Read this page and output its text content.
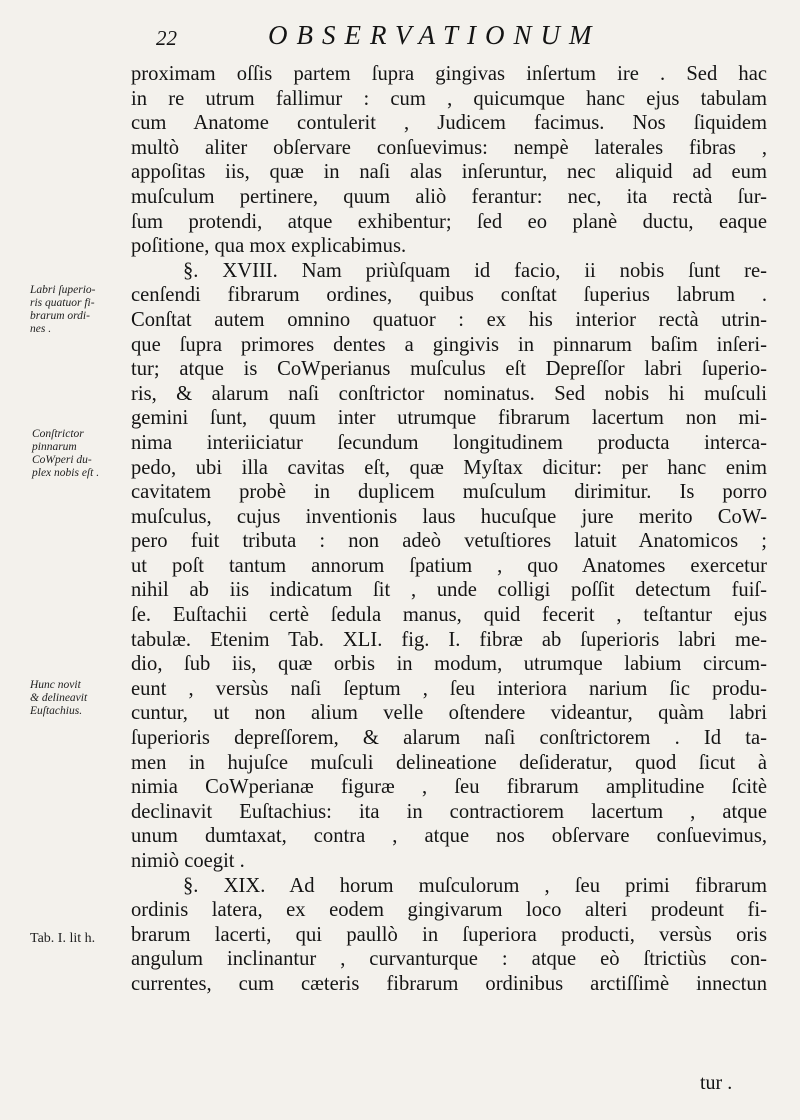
22	OBSERVATIONUM
proximam oſſis partem ſupra gingivas inſertum ire . Sed hac
in re utrum fallimur : cum , quicumque hanc ejus tabulam
cum Anatome contulerit , Judicem facimus. Nos ſiquidem
multò aliter obſervare conſuevimus: nempè laterales fibras ,
appoſitas iis, quæ in naſi alas inſeruntur, nec aliquid ad eum
muſculum pertinere, quum aliò ferantur: nec, ita rectà ſur-
ſum protendi, atque exhibentur; ſed eo planè ductu, eaque
poſitione, qua mox explicabimus.
§. XVIII. Nam priùſquam id facio, ii nobis ſunt re-
cenſendi fibrarum ordines, quibus conſtat ſuperius labrum .
Conſtat autem omnino quatuor : ex his interior rectà utrin-
que ſupra primores dentes a gingivis in pinnarum baſim inſeri-
tur; atque is CoWperianus muſculus eſt Depreſſor labri ſuperio-
ris, & alarum naſi conſtrictor nominatus. Sed nobis hi muſculi
gemini ſunt, quum inter utrumque fibrarum lacertum non mi-
nima interiiciatur ſecundum longitudinem producta interca-
pedo, ubi illa cavitas eſt, quæ Myſtax dicitur: per hanc enim
cavitatem probè in duplicem muſculum dirimitur. Is porro
muſculus, cujus inventionis laus hucuſque jure merito CoW-
pero fuit tributa : non adeò vetuſtiores latuit Anatomicos ;
ut poſt tantum annorum ſpatium , quo Anatomes exercetur
nihil ab iis indicatum ſit , unde colligi poſſit detectum fuiſ-
ſe. Euſtachii certè ſedula manus, quid fecerit , teſtantur ejus
tabulæ. Etenim Tab. XLI. fig. I. fibræ ab ſuperioris labri me-
dio, ſub iis, quæ orbis in modum, utrumque labium circum-
eunt , versùs naſi ſeptum , ſeu interiora narium ſic produ-
cuntur, ut non alium velle oſtendere videantur, quàm labri
ſuperioris depreſſorem, & alarum naſi conſtrictorem . Id ta-
men in hujuſce muſculi delineatione deſideratur, quod ſicut à
nimia CoWperianæ figuræ , ſeu fibrarum amplitudine ſcitè
declinavit Euſtachius: ita in contractiorem lacertum , atque
unum dumtaxat, contra , atque nos obſervare conſuevimus,
nimiò coegit .
§. XIX. Ad horum muſculorum , ſeu primi fibrarum
ordinis latera, ex eodem gingivarum loco alteri prodeunt fi-
brarum lacerti, qui paullò in ſuperiora producti, versùs oris
angulum inclinantur , curvanturque : atque eò ſtrictiùs con-
currentes, cum cæteris fibrarum ordinibus arctiſſimè innectun
Labri ſuperio-
ris quatuor fi-
brarum ordi-
nes .
Conſtrictor
pinnarum
CoWperi du-
plex nobis eſt .
Hunc novit
& delineavit
Euſtachius.
Tab. I. lit h.
tur .
